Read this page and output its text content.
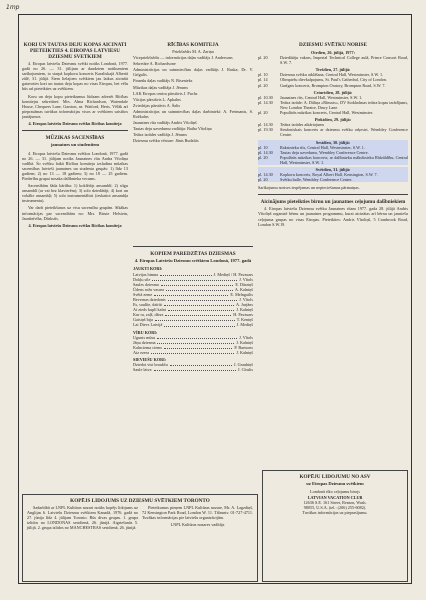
1mp
KORI UN TAUTAS DEJU KOPAS AICINATI PIETEIKTIES 4. EIROPAS LATVIESU DZIESMU SVETKIEM

4. Eiropas latviešu Dziesmu svētki notiks Londonā, 1977. gadā no 26. — 31. jūlijam ar daudziem notikumiem sarīkojumiem, to starpā kopkoru koncerts Karaliskajā Albertā zālē, 31. jūlijā. Šiem lielajiem svētkiem jau laikus aicināti gatavoties kori un tautas deju kopas no visas Eiropas, bet vēlu būs arī pieteikties uz svētkiem.

Koru un deju kopu pieteikumus lūdzam adresēt Rīcības komitejas sekretārei: Mrs. Alma Richardson, Watendale House, Chequers Lane, Garston, nr. Watford, Herts. Vēlāk arī pieprasāmas tuvākas informācijas visos ar svētkiem saistītos jautājumos.

4. Eiropas latviešu Dziesmu svētku Rīcības komiteja

MŪZIKAS SACENSĪBAS
jaunatnes un studentiem

4. Eiropas latviešu Dziesmu svētkos Londonā, 1977. gadā no 26. — 31. jūlijam notiks Jaunatnes rītu Andra Vītoliņa vadībā. Šo svētku laikā Rīcības komiteja izsludina mūzikas sacensības latvieši jaunatnes un studentu grupās: 1) līdz 13 gadiem; 2) no 13 — 18 gadiem; 3) no 18 — 25 gadiem. Piederību grupai nosaka dalībnieka vecums.

Sacensībām šāda kārtība: 1) koklētājs ansamblī; 2) stīgu ansamblī (ar vai bez klavierēm); 3) solo dziedātāji; 4) kori un vokālie ansambļi; 5) solo instrumentālisti (ieskaitot ansambļa instrumentu).

Var darīt pieteikšanos uz visu sacensību grupām. Sīkākas informācijas par sacensībām no: Mrs. Birute Helstein, Jaunbrīvība, Dūrkstīs.

4. Eiropas latviešu Dziesmu svētku Rīcības komiteja

RĪCĪBAS KOMITEJA
Priekšsēdis M. A. Zariņa
Vicepriekšsēdis — informācijas daļas vadītājs J. Andersons
Sekretāre A. Richardsone
Administrācijas un saimniecības daļas vadītājs J. Raska; Dr. V. Grīgulis.
Finanšu daļas vadītājs N. Bisenieks
Mūzikas daļas vadītāja J. Jērums
LAK Eiropas centra pārstāvis J. Puchs
Vācijas pārstāvis L. Apkalns
Zviedrijas pārstāvis A. Šalts
Administrācijas un saimniecības daļas darbinieki: A. Freimanis, S. Rožkalns
Jaunatnes rīta vadītājs Andris Vītoliņš
Tautas deju uzvedumu vadītāja: Baiba Vītoliņa
Teātra izrādes vadītājs J. Jērums
Dziesmu svētku vēsture: Jānis Rudzītis
KOPIEM PAREDZĒTAS DZIESMAS
4. Eiropas Latviešu Dziesmu svētkiem Londonā, 1977. gadā
JAUKTI KORI:
Latvijas himna	J. Mediņš / H. Pavasars
Dokļu sile	J. Vītols
Saules dziesma	E. Dārziņš
Ūdens rožu vasara	A. Kalniņš
Svētā zeme	E. Melngailis
Bevernas dziedonis	J. Vītols
Es, saulīte, dzīrāt	A. Jurjāns
Ai zieds kuplī kalni	J. Kalniņš
Kur tu, zaļš, dārzs	H. Pavasars
Gaisiņš bija	T. Keniņš
Lai Dievs Latvijā	J. Mediņš
VĪRU KORI:
Ugunis mūsu	J. Vītols
Jāņu dziesma	J. Kalniņš
Kalnciema ciems	P. Barisons
Aiz ezera	J. Kalniņš
SIEVIEŠU KORI:
Dziedot visi braukšu	J. Graubiņš
Saule laiva	J. Cīrulis
DZIESMU SVĒTKU NORISE
Otrdien, 26. jūlijā, 1977:
pl. 20	Dziedātāju vakars, Imperial Technical College aulā, Prince Consort Road, S.W. 7.
Trešdien, 27. jūlijā:
pl. 10	Dziesmu svētku atklāšana, Central Hall, Westminster, S.W. 1.
pl. 14	Olimpiešu dievkalpojums, St. Paul's Cathedral, City of London.
pl. 20	Garīgais koncerts, Brompton Oratory, Brompton Road, S.W. 7.
Ceturtdien, 28. jūlijā:
pl. 10.30	Jaunatnes rīts, Central Hall, Westminster, S.W. 1.
pl. 14.30	Teātra izrāde: A. Dāliņa «Rīnusts», DV Stokholmas teātra kopas izrādījums, New London Theatre, Drury Lane.
pl. 20	Populārās mūzikas koncerts, Central Hall, Westminster.
Piektdien, 29. jūlijā:
pl. 14.30	Teātra izrādes atkārtojums
pl. 19.30	Simfoniskais koncerts ar dziesmu svētku orķestri, Wembley Conference Centre.
Sestdien, 30. jūlijā:
pl. 10	Rakstnieku rīts, Central Hall, Westminster, S.W. 1.
pl. 14.30	Tautas deju uzvedums, Wembley Conference Centre.
pl. 20	Populārās mūzikas koncerts; ar dalībnieku mākslinieku Rīdzāldību, Central Hall, Westminster, S.W. 1.
Svētdien, 31. jūlijā:
pl. 14.30	Kopkoru koncerts, Royal Albert Hall, Kensington, S.W. 7.
pl. 20	Svētku balle, Wembley Conference Centre.

Sarīkojumu norises iespējamas un nepieciešamas pārmaiņas.

Aicinājums pieteikties birnu un jaunatnes ceļojumu dalībniekiem

4. Eiropas latviešu Dziesmu svētku Jaunatnes rītam 1977. gada 28. jūlijā Andris Vītoliņš organizē bērnu un jaunatnes programmu, kurai aicinātas arī bērnu un jauniešu ceļojuma grupas no visas Eiropas. Pieteikties: Andris Vītoliņš, 5 Cranbrook Road, London S.W.19.

KOPĒJS LIDOJUMS UZ DZIESMU SVĒTKIEM TORONTO

Sadarbībā ar LNPL Kultūras nozari notiks kopējs lidojums uz Anglijas 6. Latviešu Dziesmu svētkiem Kanadā, 1976. gadā no 27. jūnija līdz 4. jūlijam Toronto. Būs divas grupas. 1. grupa izlidos no LONDONAS sestdienā, 26. jūnijā. Atgriešanās 5. jūlijā. 2. grupa izlidos no MANCHESTRAS sestdienā, 26. jūnijā.

Pieteikumus pieņem LNPL Kultūras nozare, Mr. A. Lagzdiņš, 72 Kensington Park Road, London W. 11. Tālrunis: 01-727-4711. Tuvākas informācijas pie latviešu organizācijām.

LNPL Kultūras nozares vadītājs

KOPĒJU LIDOJUMU NO ASV
uz Eiropas Dziesmu svētkiem
Londonā rīko ceļojumu birojs
LATVIAN VACATION CLUB
12636 S.E. 161 Street, Renton, Wash.
98055, U.S.A. (tel.: (206) 255-6082).
Tuvākas informācijas uz pieprasījumu.
